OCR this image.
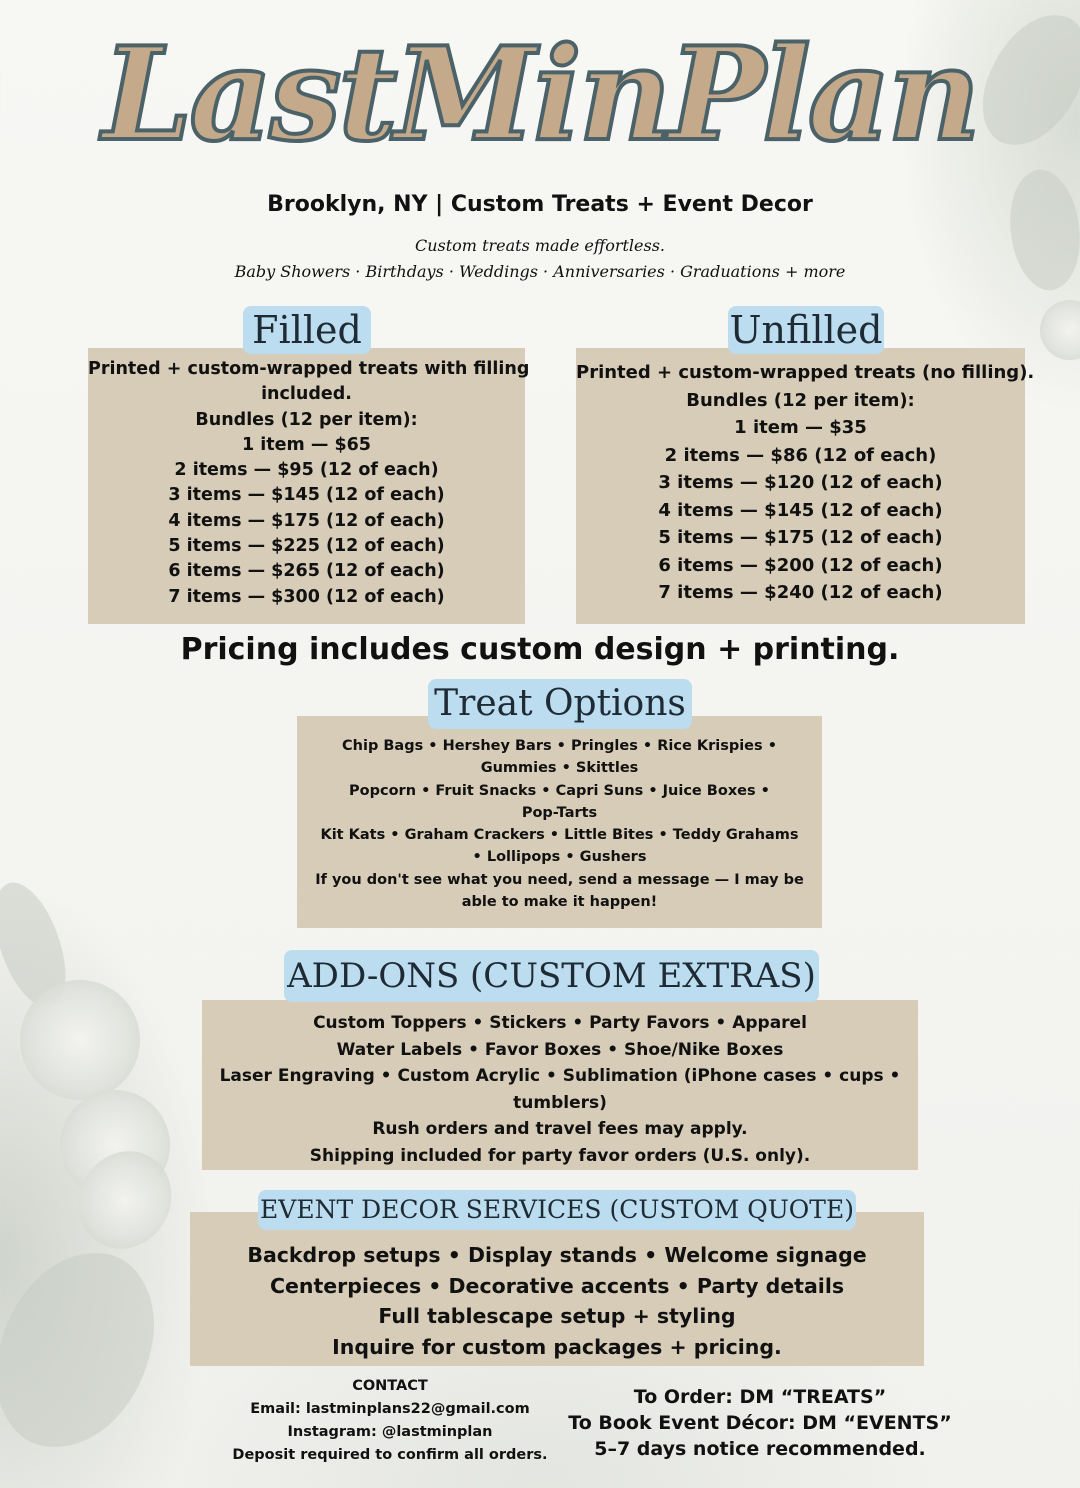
LastMinPlan
Brooklyn, NY | Custom Treats + Event Decor
Custom treats made effortless.
Baby Showers · Birthdays · Weddings · Anniversaries · Graduations + more
Filled
Printed + custom-wrapped treats with filling
included.
Bundles (12 per item):
1 item — $65
2 items — $95 (12 of each)
3 items — $145 (12 of each)
4 items — $175 (12 of each)
5 items — $225 (12 of each)
6 items — $265 (12 of each)
7 items — $300 (12 of each)
Unfilled
Printed + custom-wrapped treats (no filling).
Bundles (12 per item):
1 item — $35
2 items — $86 (12 of each)
3 items — $120 (12 of each)
4 items — $145 (12 of each)
5 items — $175 (12 of each)
6 items — $200 (12 of each)
7 items — $240 (12 of each)
Pricing includes custom design + printing.
Treat Options
Chip Bags • Hershey Bars • Pringles • Rice Krispies •
Gummies • Skittles
Popcorn • Fruit Snacks • Capri Suns • Juice Boxes •
Pop-Tarts
Kit Kats • Graham Crackers • Little Bites • Teddy Grahams
• Lollipops • Gushers
If you don't see what you need, send a message — I may be
able to make it happen!
ADD-ONS (CUSTOM EXTRAS)
Custom Toppers • Stickers • Party Favors • Apparel
Water Labels • Favor Boxes • Shoe/Nike Boxes
Laser Engraving • Custom Acrylic • Sublimation (iPhone cases • cups •
tumblers)
Rush orders and travel fees may apply.
Shipping included for party favor orders (U.S. only).
EVENT DECOR SERVICES (CUSTOM QUOTE)
Backdrop setups • Display stands • Welcome signage
Centerpieces • Decorative accents • Party details
Full tablescape setup + styling
Inquire for custom packages + pricing.
CONTACT
Email: lastminplans22@gmail.com
Instagram: @lastminplan
Deposit required to confirm all orders.
To Order: DM “TREATS”
To Book Event Décor: DM “EVENTS”
5–7 days notice recommended.
